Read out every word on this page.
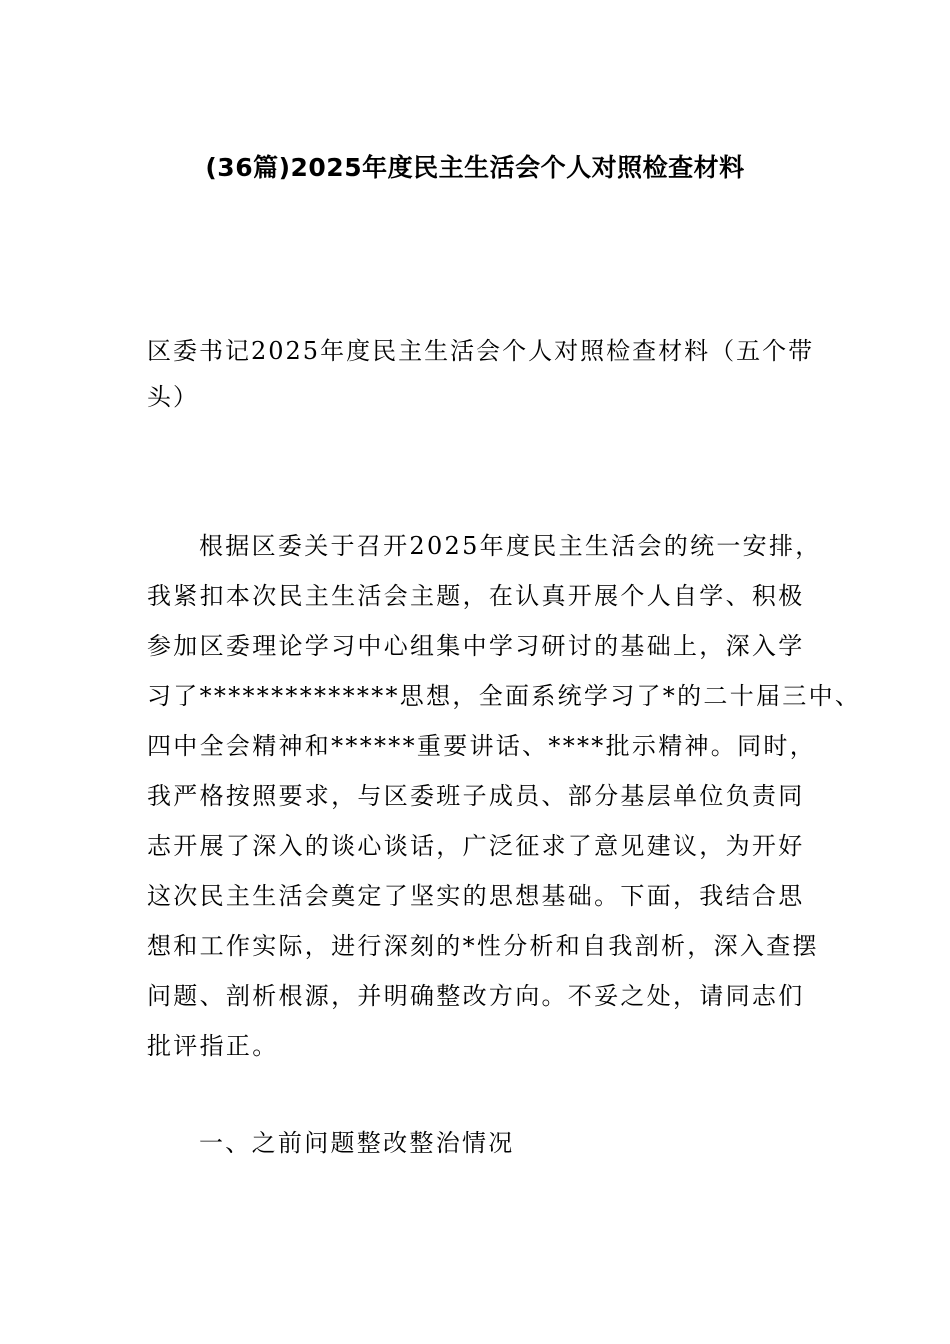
(36篇)2025年度民主生活会个人对照检查材料
区委书记2025年度民主生活会个人对照检查材料（五个带头）
根据区委关于召开2025年度民主生活会的统一安排，
我紧扣本次民主生活会主题，在认真开展个人自学、积极
参加区委理论学习中心组集中学习研讨的基础上，深入学
习了**************思想，全面系统学习了*的二十届三中、
四中全会精神和******重要讲话、****批示精神。同时，
我严格按照要求，与区委班子成员、部分基层单位负责同
志开展了深入的谈心谈话，广泛征求了意见建议，为开好
这次民主生活会奠定了坚实的思想基础。下面，我结合思
想和工作实际，进行深刻的*性分析和自我剖析，深入查摆
问题、剖析根源，并明确整改方向。不妥之处，请同志们
批评指正。
一、之前问题整改整治情况
